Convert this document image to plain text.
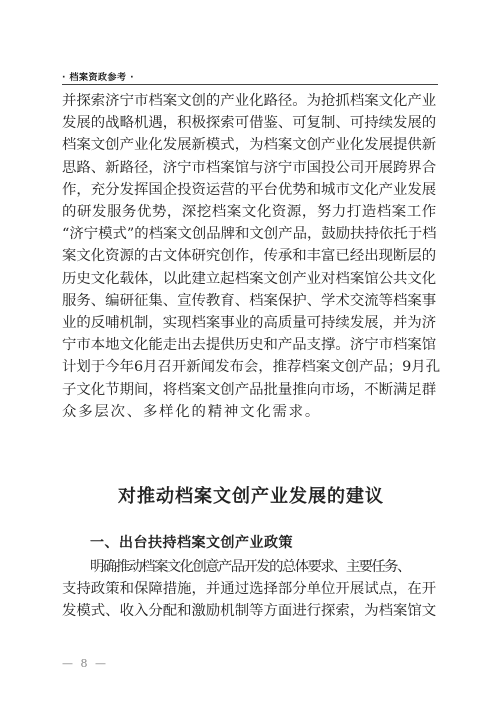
· 档案资政参考 ·
并探索济宁市档案文创的产业化路径。为抢抓档案文化产业
发展的战略机遇，积极探索可借鉴、可复制、可持续发展的
档案文创产业化发展新模式，为档案文创产业化发展提供新
思路、新路径，济宁市档案馆与济宁市国投公司开展跨界合
作，充分发挥国企投资运营的平台优势和城市文化产业发展
的研发服务优势，深挖档案文化资源，努力打造档案工作
“济宁模式”的档案文创品牌和文创产品，鼓励扶持依托于档
案文化资源的古文体研究创作，传承和丰富已经出现断层的
历史文化载体，以此建立起档案文创产业对档案馆公共文化
服务、编研征集、宣传教育、档案保护、学术交流等档案事
业的反哺机制，实现档案事业的高质量可持续发展，并为济
宁市本地文化能走出去提供历史和产品支撑。济宁市档案馆
计划于今年6月召开新闻发布会，推荐档案文创产品；9月孔
子文化节期间，将档案文创产品批量推向市场，不断满足群
众多层次、多样化的精神文化需求。
对推动档案文创产业发展的建议
一、出台扶持档案文创产业政策
明确推动档案文化创意产品开发的总体要求、主要任务、
支持政策和保障措施，并通过选择部分单位开展试点，在开
发模式、收入分配和激励机制等方面进行探索，为档案馆文
— 8 —
